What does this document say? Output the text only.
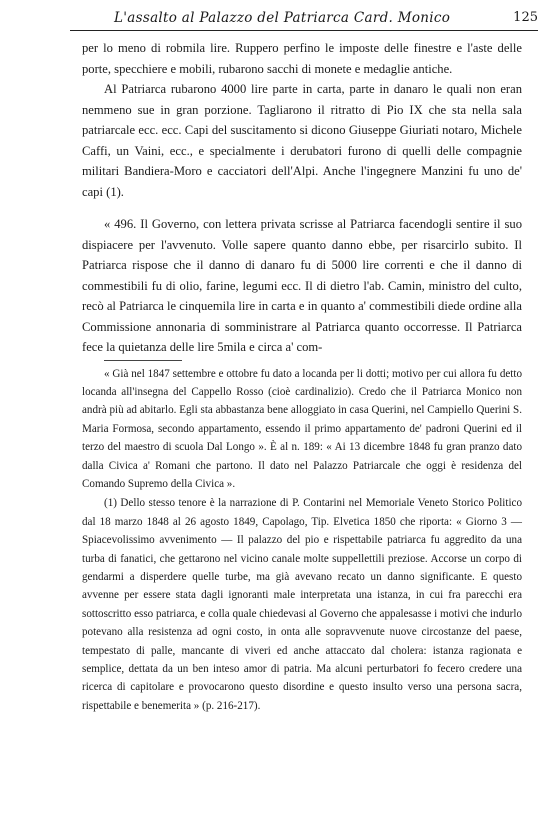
L'assalto al Palazzo del Patriarca Card. Monico	125

per lo meno di robmila lire. Ruppero perfino le imposte delle finestre e l'aste delle porte, specchiere e mobili, rubarono sacchi di monete e medaglie antiche.

Al Patriarca rubarono 4000 lire parte in carta, parte in danaro le quali non eran nemmeno sue in gran porzione. Tagliarono il ritratto di Pio IX che sta nella sala patriarcale ecc. ecc. Capi del suscitamento si dicono Giuseppe Giuriati notaro, Michele Caffi, un Vaini, ecc., e specialmente i derubatori furono di quelli delle compagnie militari Bandiera-Moro e cacciatori dell'Alpi. Anche l'ingegnere Manzini fu uno de' capi (1).

« 496. Il Governo, con lettera privata scrisse al Patriarca facendogli sentire il suo dispiacere per l'avvenuto. Volle sapere quanto danno ebbe, per risarcirlo subito. Il Patriarca rispose che il danno di danaro fu di 5000 lire correnti e che il danno di commestibili fu di olio, farine, legumi ecc. Il di dietro l'ab. Camin, ministro del culto, recò al Patriarca le cinquemila lire in carta e in quanto a' commestibili diede ordine alla Commissione annonaria di somministrare al Patriarca quanto occorresse. Il Patriarca fece la quietanza delle lire 5mila e circa a' com-

« Già nel 1847 settembre e ottobre fu dato a locanda per li dotti; motivo per cui allora fu detto locanda all'insegna del Cappello Rosso (cioè cardinalizio). Credo che il Patriarca Monico non andrà più ad abitarlo. Egli sta abbastanza bene alloggiato in casa Querini, nel Campiello Querini S. Maria Formosa, secondo appartamento, essendo il primo appartamento de' padroni Querini ed il terzo del maestro di scuola Dal Longo ». È al n. 189: « Ai 13 dicembre 1848 fu gran pranzo dato dalla Civica a' Romani che partono. Il dato nel Palazzo Patriarcale che oggi è residenza del Comando Supremo della Civica ».

(1) Dello stesso tenore è la narrazione di P. Contarini nel Memoriale Veneto Storico Politico dal 18 marzo 1848 al 26 agosto 1849, Capolago, Tip. Elvetica 1850 che riporta: « Giorno 3 — Spiacevolissimo avvenimento — Il palazzo del pio e rispettabile patriarca fu aggredito da una turba di fanatici, che gettarono nel vicino canale molte suppellettili preziose. Accorse un corpo di gendarmi a disperdere quelle turbe, ma già avevano recato un danno significante. E questo avvenne per essere stata dagli ignoranti male interpretata una istanza, in cui fra parecchi era sottoscritto esso patriarca, e colla quale chiedevasi al Governo che appalesasse i motivi che indurlo potevano alla resistenza ad ogni costo, in onta alle sopravvenute nuove circostanze del paese, tempestato di palle, mancante di viveri ed anche attaccato dal cholera: istanza ragionata e semplice, dettata da un ben inteso amor di patria. Ma alcuni perturbatori fo fecero credere una ricerca di capitolare e provocarono questo disordine e questo insulto verso una persona sacra, rispettabile e benemerita » (p. 216-217).
